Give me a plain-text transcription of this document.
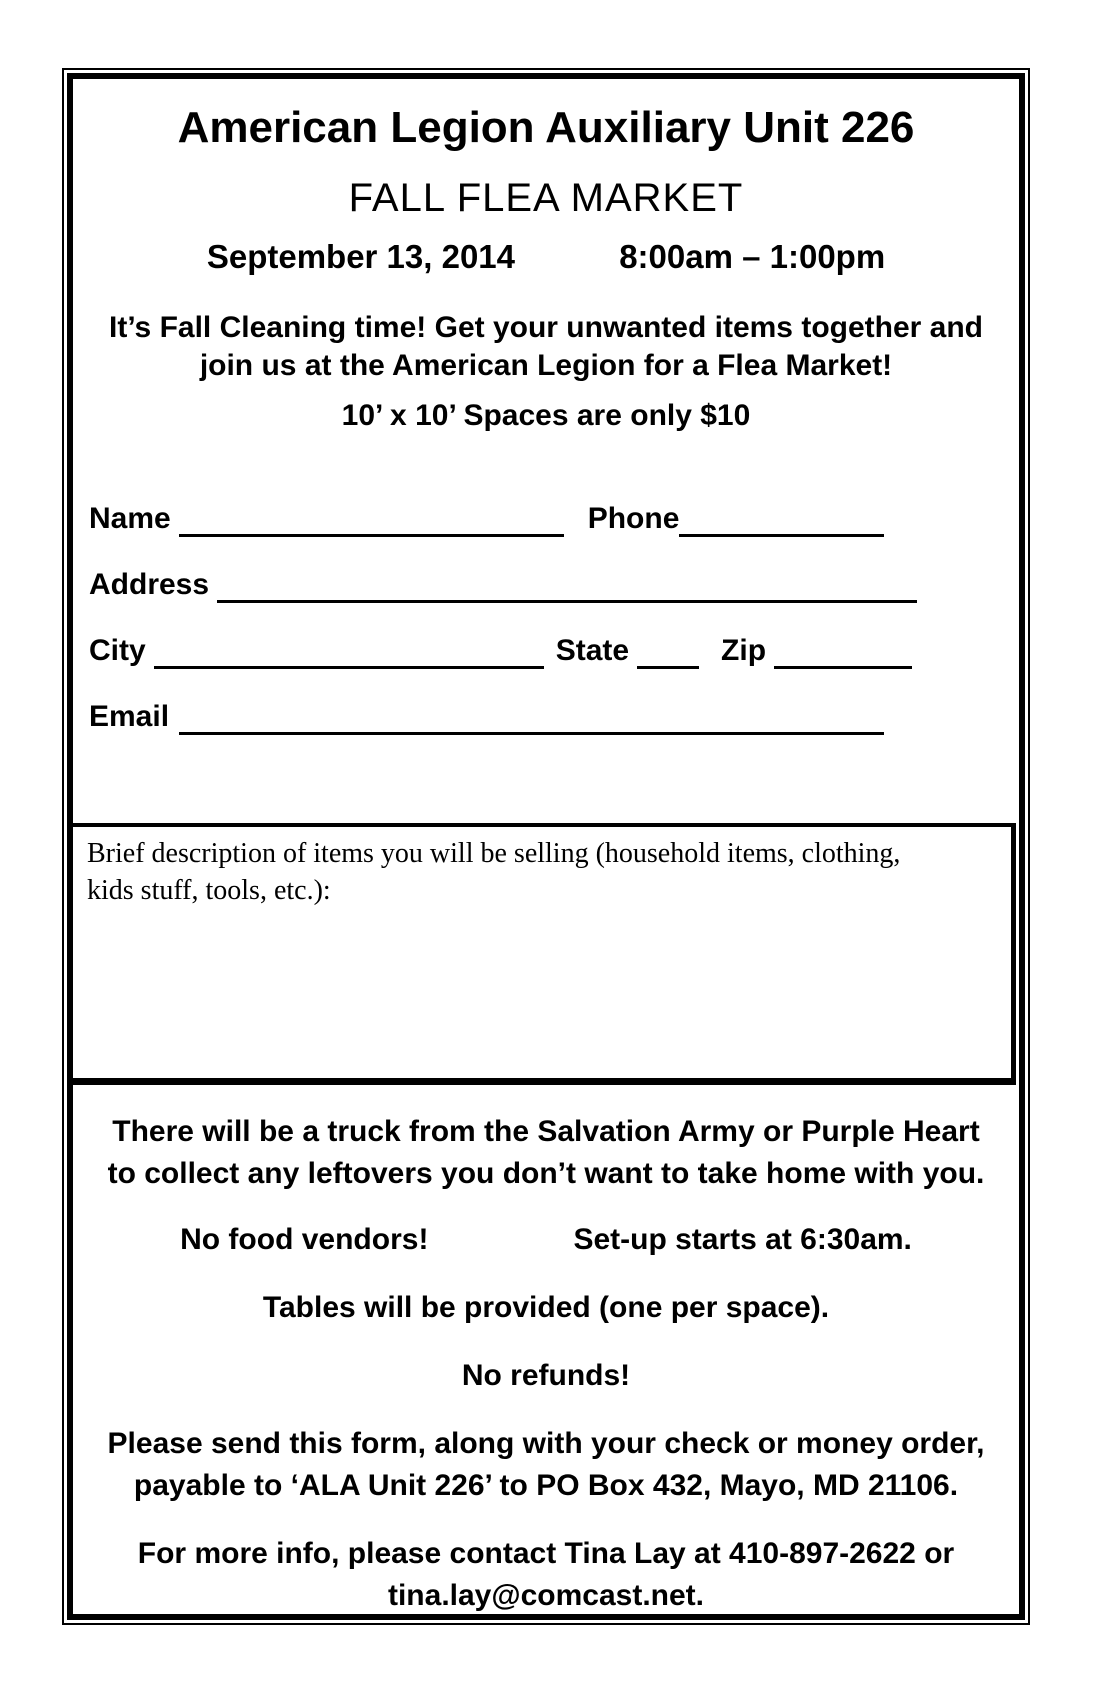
American Legion Auxiliary Unit 226
FALL FLEA MARKET
September 13, 2014	8:00am – 1:00pm
It’s Fall Cleaning time! Get your unwanted items together and
join us at the American Legion for a Flea Market!
10’ x 10’ Spaces are only $10
Name	Phone
Address
City	State	Zip
Email
Brief description of items you will be selling (household items, clothing,
kids stuff, tools, etc.):
There will be a truck from the Salvation Army or Purple Heart
to collect any leftovers you don’t want to take home with you.
No food vendors!	Set-up starts at 6:30am.
Tables will be provided (one per space).
No refunds!
Please send this form, along with your check or money order,
payable to ‘ALA Unit 226’ to PO Box 432, Mayo, MD 21106.
For more info, please contact Tina Lay at 410-897-2622 or
tina.lay@comcast.net.
